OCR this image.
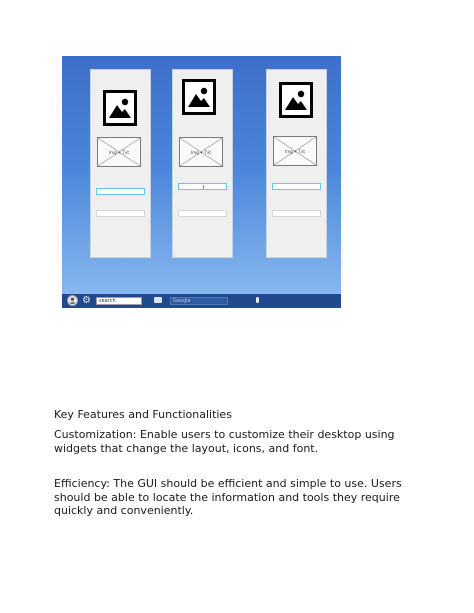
Img + Txt	Img + Txt	Img + Txt
⚙	search	Google
Key Features and Functionalities

Customization: Enable users to customize their desktop using widgets that change the layout, icons, and font.

Efficiency: The GUI should be efficient and simple to use. Users should be able to locate the information and tools they require quickly and conveniently.
